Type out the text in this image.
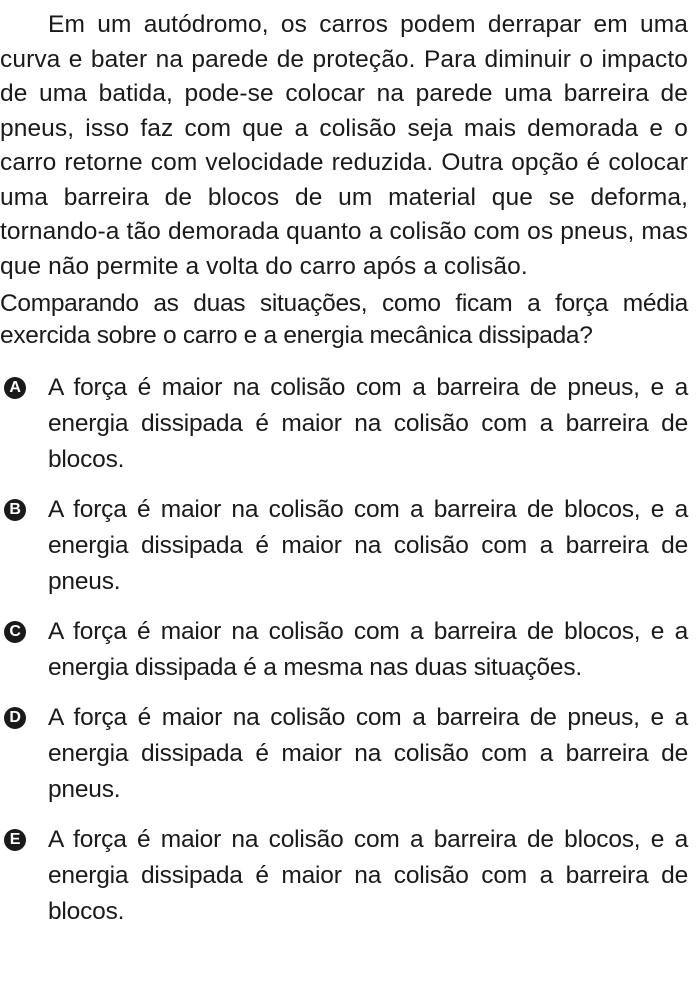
Em um autódromo, os carros podem derrapar em uma curva e bater na parede de proteção. Para diminuir o impacto de uma batida, pode-se colocar na parede uma barreira de pneus, isso faz com que a colisão seja mais demorada e o carro retorne com velocidade reduzida. Outra opção é colocar uma barreira de blocos de um material que se deforma, tornando-a tão demorada quanto a colisão com os pneus, mas que não permite a volta do carro após a colisão.

Comparando as duas situações, como ficam a força média exercida sobre o carro e a energia mecânica dissipada?

A A força é maior na colisão com a barreira de pneus, e a energia dissipada é maior na colisão com a barreira de blocos.
B A força é maior na colisão com a barreira de blocos, e a energia dissipada é maior na colisão com a barreira de pneus.
C A força é maior na colisão com a barreira de blocos, e a energia dissipada é a mesma nas duas situações.
D A força é maior na colisão com a barreira de pneus, e a energia dissipada é maior na colisão com a barreira de pneus.
E A força é maior na colisão com a barreira de blocos, e a energia dissipada é maior na colisão com a barreira de blocos.
